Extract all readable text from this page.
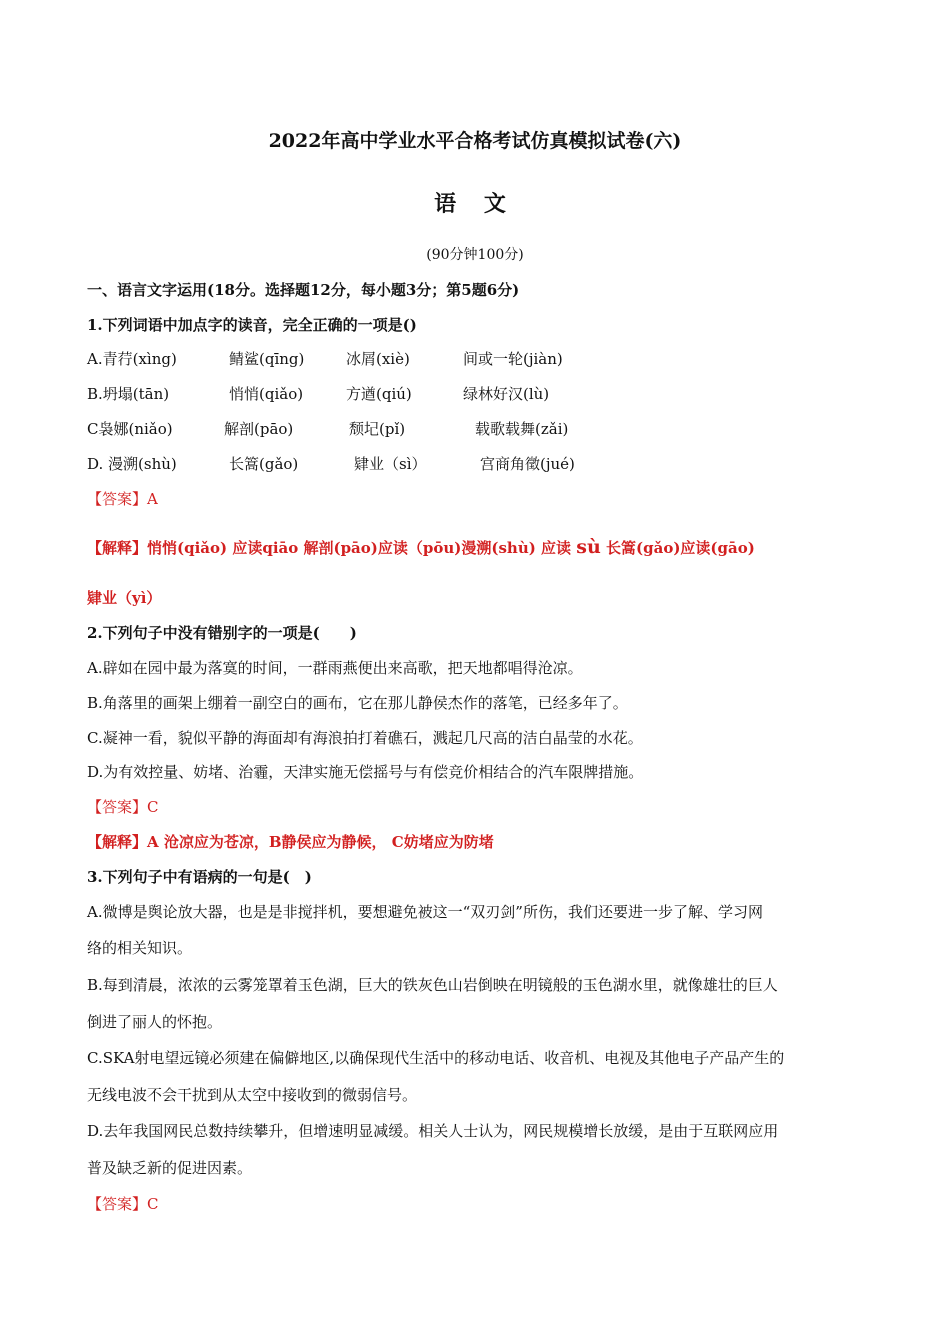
2022年高中学业水平合格考试仿真模拟试卷(六)
语 文
(90分钟100分)
一、语言文字运用(18分。选择题12分，每小题3分；第5题6分)
1.下列词语中加点字的读音，完全正确的一项是()
A.青荇(xìng)	鲭鲨(qīng)	冰屑(xiè)	间或一轮(jiàn)
B.坍塌(tān)	悄悄(qiǎo)	方遒(qiú)	绿林好汉(lù)
C袅娜(niǎo)	解剖(pāo)	颓圮(pǐ)	载歌载舞(zǎi)
D. 漫溯(shù)	长篙(gǎo)	肄业（sì）	宫商角徵(jué)
【答案】A
【解释】悄悄(qiǎo) 应读qiāo 解剖(pāo)应读（pōu)漫溯(shù) 应读 sù 长篙(gǎo)应读(gāo)
肄业（yì）
2.下列句子中没有错别字的一项是(　　)
A.辟如在园中最为落寞的时间，一群雨燕便出来高歌，把天地都唱得沧凉。
B.角落里的画架上绷着一副空白的画布，它在那儿静侯杰作的落笔，已经多年了。
C.凝神一看，貌似平静的海面却有海浪拍打着礁石，溅起几尺高的洁白晶莹的水花。
D.为有效控量、妨堵、治霾，天津实施无偿摇号与有偿竞价相结合的汽车限牌措施。
【答案】C
【解释】A 沧凉应为苍凉，B静侯应为静候， C妨堵应为防堵
3.下列句子中有语病的一句是(　)
A.微博是舆论放大器，也是是非搅拌机，要想避免被这一“双刃剑”所伤，我们还要进一步了解、学习网
络的相关知识。
B.每到清晨，浓浓的云雾笼罩着玉色湖，巨大的铁灰色山岩倒映在明镜般的玉色湖水里，就像雄壮的巨人
倒进了丽人的怀抱。
C.SKA射电望远镜必须建在偏僻地区,以确保现代生活中的移动电话、收音机、电视及其他电子产品产生的
无线电波不会干扰到从太空中接收到的微弱信号。
D.去年我国网民总数持续攀升，但增速明显减缓。相关人士认为，网民规模增长放缓，是由于互联网应用
普及缺乏新的促进因素。
【答案】C
